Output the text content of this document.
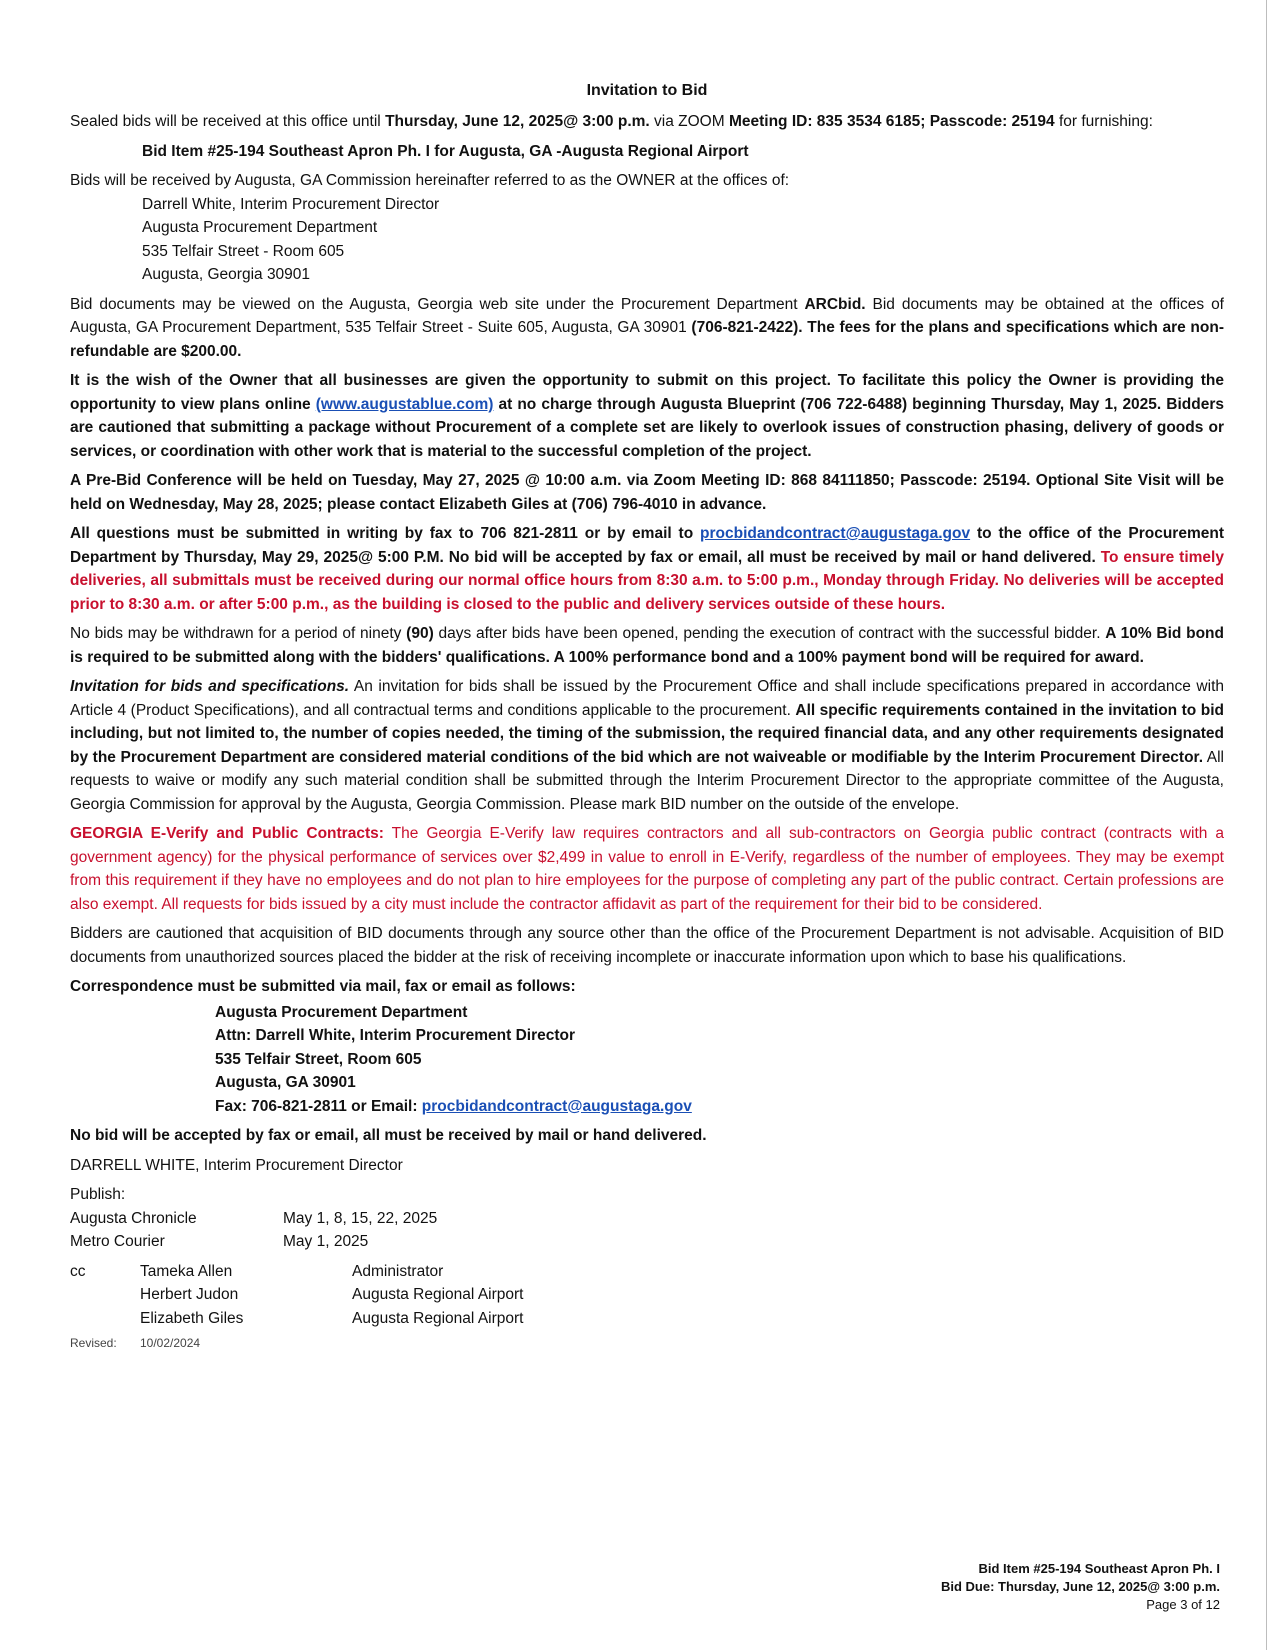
Invitation to Bid

Sealed bids will be received at this office until Thursday, June 12, 2025@ 3:00 p.m. via ZOOM Meeting ID: 835 3534 6185; Passcode: 25194 for furnishing:

Bid Item #25-194 Southeast Apron Ph. I for Augusta, GA -Augusta Regional Airport

Bids will be received by Augusta, GA Commission hereinafter referred to as the OWNER at the offices of:

Darrell White, Interim Procurement Director
Augusta Procurement Department
535 Telfair Street - Room 605
Augusta, Georgia 30901

Bid documents may be viewed on the Augusta, Georgia web site under the Procurement Department ARCbid. Bid documents may be obtained at the offices of Augusta, GA Procurement Department, 535 Telfair Street - Suite 605, Augusta, GA 30901 (706-821-2422). The fees for the plans and specifications which are non-refundable are $200.00.

It is the wish of the Owner that all businesses are given the opportunity to submit on this project. To facilitate this policy the Owner is providing the opportunity to view plans online (www.augustablue.com) at no charge through Augusta Blueprint (706 722-6488) beginning Thursday, May 1, 2025. Bidders are cautioned that submitting a package without Procurement of a complete set are likely to overlook issues of construction phasing, delivery of goods or services, or coordination with other work that is material to the successful completion of the project.

A Pre-Bid Conference will be held on Tuesday, May 27, 2025 @ 10:00 a.m. via Zoom Meeting ID: 868 84111850; Passcode: 25194. Optional Site Visit will be held on Wednesday, May 28, 2025; please contact Elizabeth Giles at (706) 796-4010 in advance.

All questions must be submitted in writing by fax to 706 821-2811 or by email to procbidandcontract@augustaga.gov to the office of the Procurement Department by Thursday, May 29, 2025@ 5:00 P.M. No bid will be accepted by fax or email, all must be received by mail or hand delivered. To ensure timely deliveries, all submittals must be received during our normal office hours from 8:30 a.m. to 5:00 p.m., Monday through Friday. No deliveries will be accepted prior to 8:30 a.m. or after 5:00 p.m., as the building is closed to the public and delivery services outside of these hours.

No bids may be withdrawn for a period of ninety (90) days after bids have been opened, pending the execution of contract with the successful bidder. A 10% Bid bond is required to be submitted along with the bidders' qualifications. A 100% performance bond and a 100% payment bond will be required for award.

Invitation for bids and specifications. An invitation for bids shall be issued by the Procurement Office and shall include specifications prepared in accordance with Article 4 (Product Specifications), and all contractual terms and conditions applicable to the procurement. All specific requirements contained in the invitation to bid including, but not limited to, the number of copies needed, the timing of the submission, the required financial data, and any other requirements designated by the Procurement Department are considered material conditions of the bid which are not waiveable or modifiable by the Interim Procurement Director. All requests to waive or modify any such material condition shall be submitted through the Interim Procurement Director to the appropriate committee of the Augusta, Georgia Commission for approval by the Augusta, Georgia Commission. Please mark BID number on the outside of the envelope.

GEORGIA E-Verify and Public Contracts: The Georgia E-Verify law requires contractors and all sub-contractors on Georgia public contract (contracts with a government agency) for the physical performance of services over $2,499 in value to enroll in E-Verify, regardless of the number of employees. They may be exempt from this requirement if they have no employees and do not plan to hire employees for the purpose of completing any part of the public contract. Certain professions are also exempt. All requests for bids issued by a city must include the contractor affidavit as part of the requirement for their bid to be considered.

Bidders are cautioned that acquisition of BID documents through any source other than the office of the Procurement Department is not advisable. Acquisition of BID documents from unauthorized sources placed the bidder at the risk of receiving incomplete or inaccurate information upon which to base his qualifications.

Correspondence must be submitted via mail, fax or email as follows:

Augusta Procurement Department
Attn: Darrell White, Interim Procurement Director
535 Telfair Street, Room 605
Augusta, GA 30901
Fax: 706-821-2811 or Email: procbidandcontract@augustaga.gov

No bid will be accepted by fax or email, all must be received by mail or hand delivered.

DARRELL WHITE, Interim Procurement Director

Publish:

Augusta Chronicle	May 1, 8, 15, 22, 2025
Metro Courier	May 1, 2025
cc	Tameka Allen	Administrator
	Herbert Judon	Augusta Regional Airport
	Elizabeth Giles	Augusta Regional Airport
Revised: 10/02/2024
Bid Item #25-194 Southeast Apron Ph. I
Bid Due: Thursday, June 12, 2025@ 3:00 p.m.
Page 3 of 12
